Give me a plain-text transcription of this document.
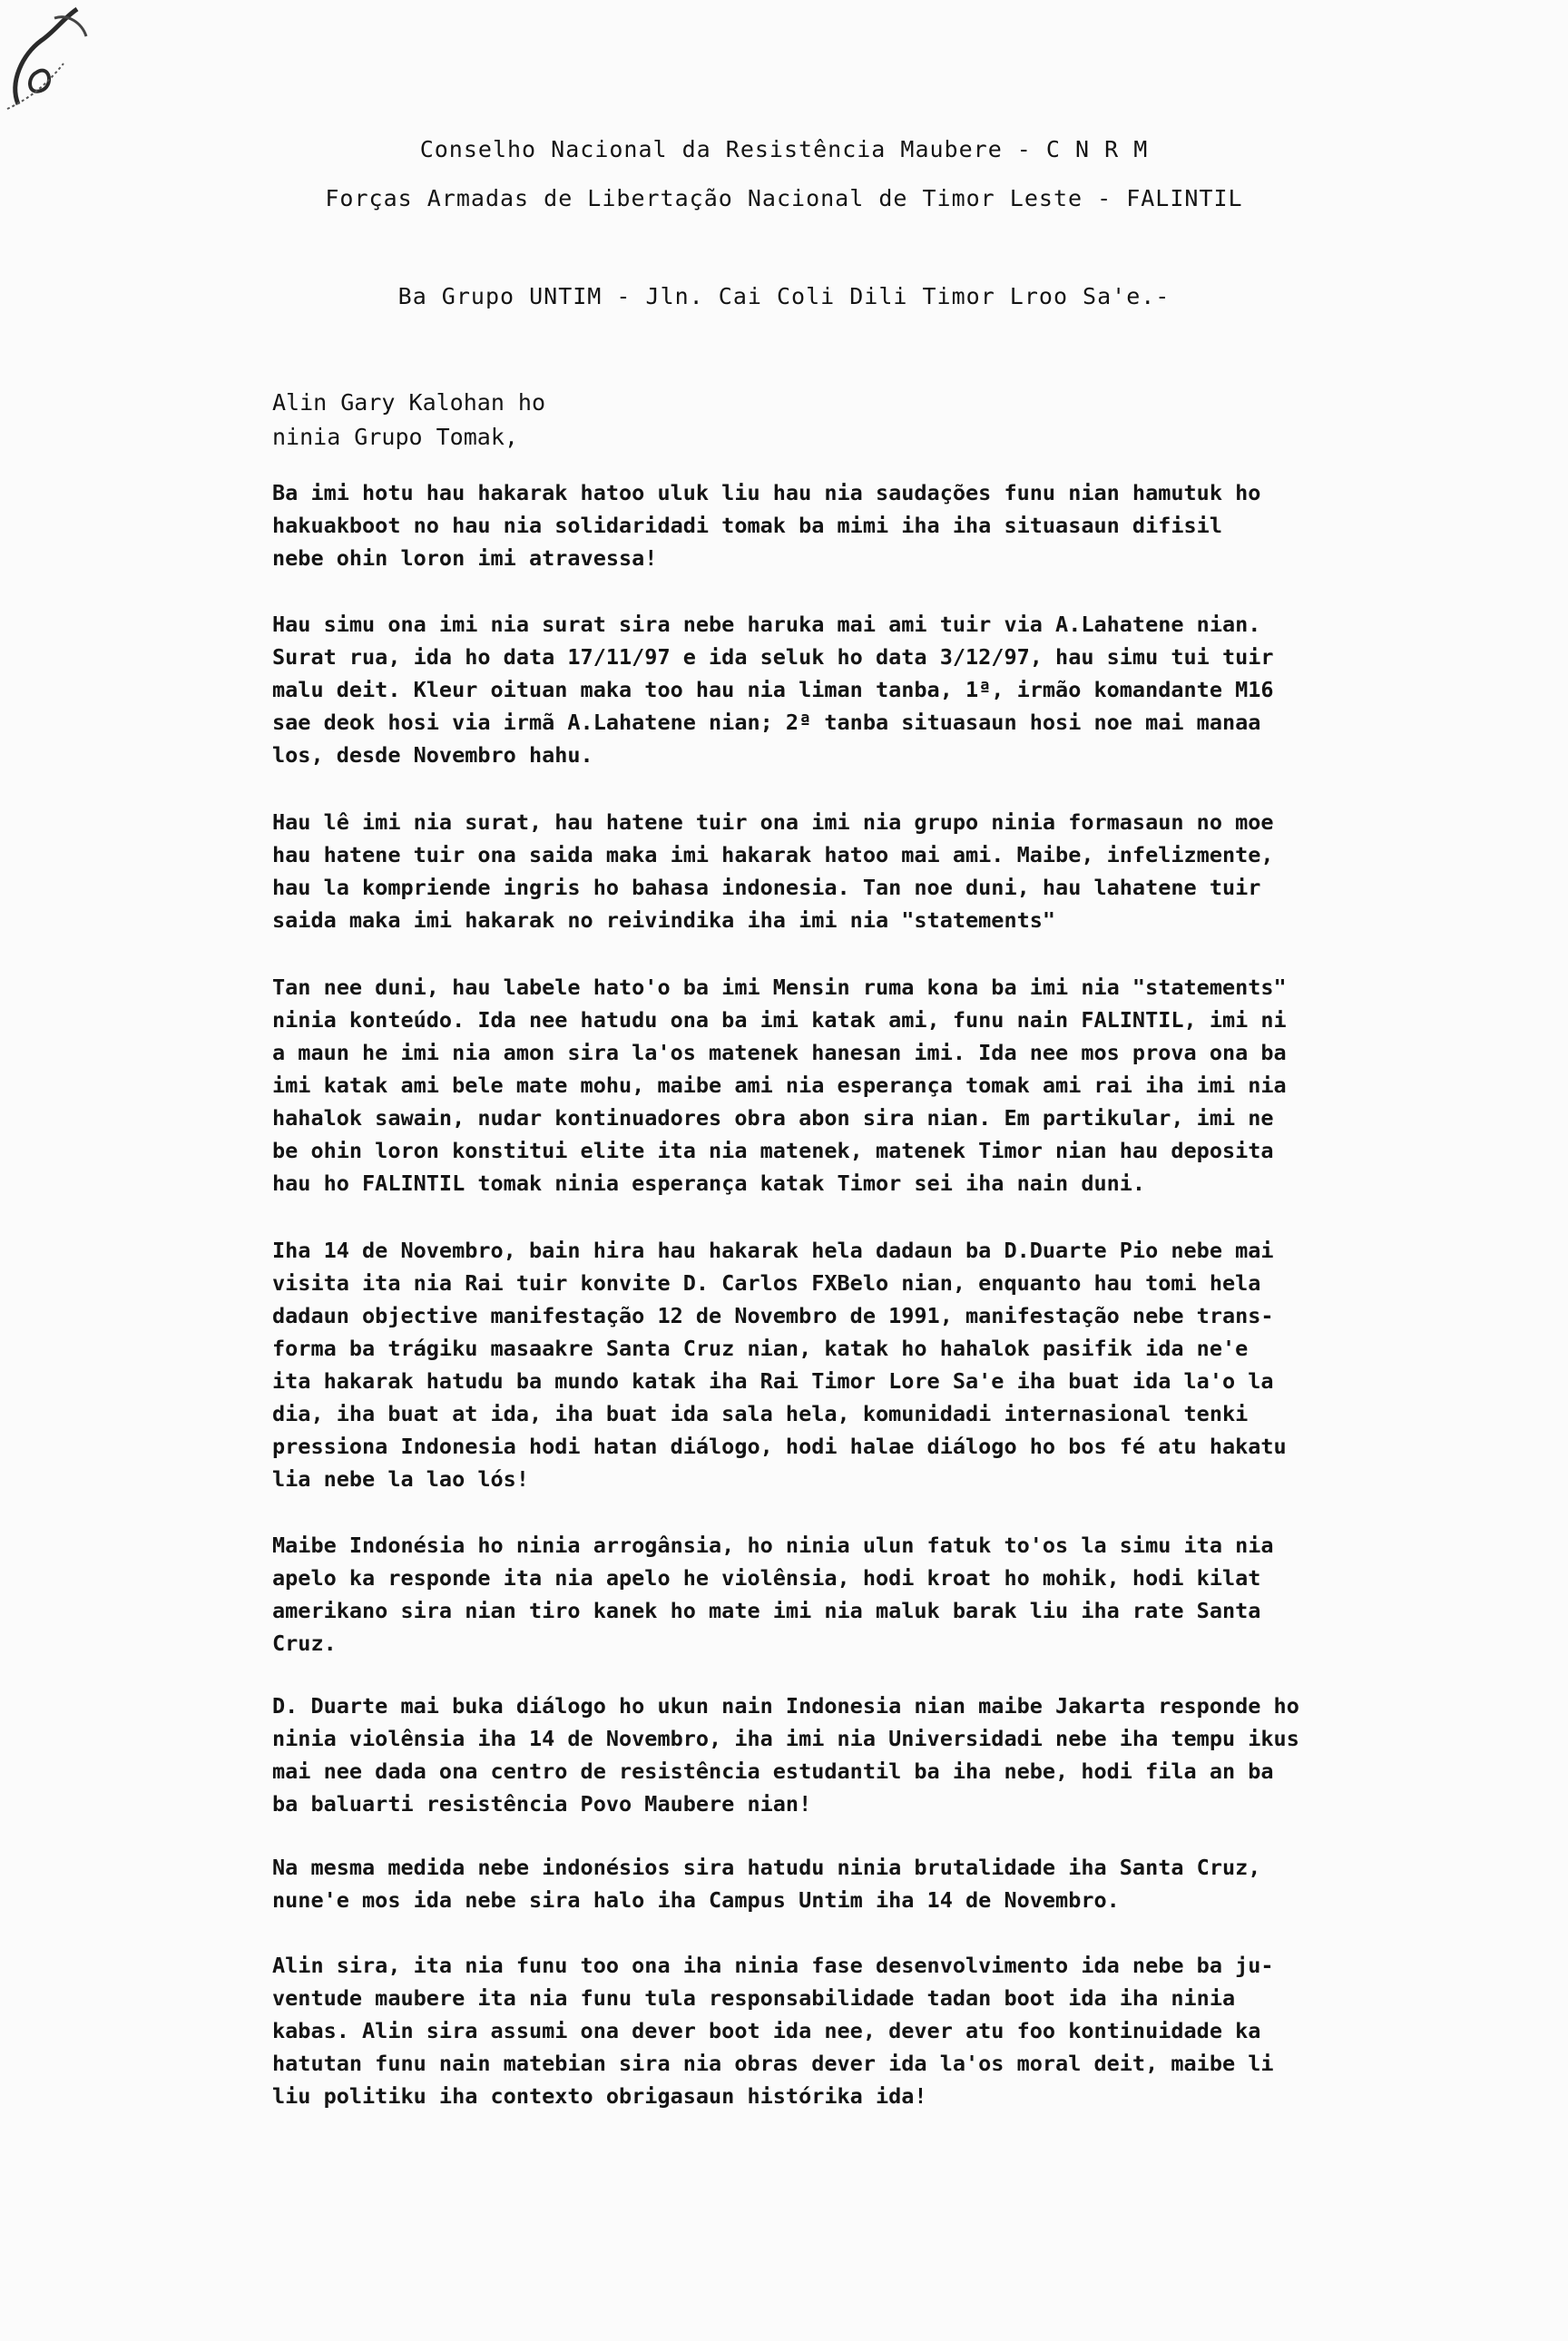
Conselho Nacional da Resistência Maubere - C N R M
Forças Armadas de Libertação Nacional de Timor Leste - FALINTIL
Ba Grupo UNTIM - Jln. Cai Coli Dili Timor Lroo Sa'e.-
Alin Gary Kalohan ho
ninia Grupo Tomak,
Ba imi hotu hau hakarak hatoo uluk liu hau nia saudações funu nian hamutuk ho
hakuakboot no hau nia solidaridadi tomak ba mimi iha iha situasaun difisil
nebe ohin loron imi atravessa!
Hau simu ona imi nia surat sira nebe haruka mai ami tuir via A.Lahatene nian.
Surat rua, ida ho data 17/11/97 e ida seluk ho data 3/12/97, hau simu tui tuir
malu deit. Kleur oituan maka too hau nia liman tanba, 1ª, irmão komandante M16
sae deok hosi via irmã A.Lahatene nian; 2ª tanba situasaun hosi noe mai manaa
los, desde Novembro hahu.
Hau lê imi nia surat, hau hatene tuir ona imi nia grupo ninia formasaun no moe
hau hatene tuir ona saida maka imi hakarak hatoo mai ami. Maibe, infelizmente,
hau la kompriende ingris ho bahasa indonesia. Tan noe duni, hau lahatene tuir
saida maka imi hakarak no reivindika iha imi nia "statements"
Tan nee duni, hau labele hato'o ba imi Mensin ruma kona ba imi nia "statements"
ninia konteúdo. Ida nee hatudu ona ba imi katak ami, funu nain FALINTIL, imi ni
a maun he imi nia amon sira la'os matenek hanesan imi. Ida nee mos prova ona ba
imi katak ami bele mate mohu, maibe ami nia esperança tomak ami rai iha imi nia
hahalok sawain, nudar kontinuadores obra abon sira nian. Em partikular, imi ne
be ohin loron konstitui elite ita nia matenek, matenek Timor nian hau deposita
hau ho FALINTIL tomak ninia esperança katak Timor sei iha nain duni.
Iha 14 de Novembro, bain hira hau hakarak hela dadaun ba D.Duarte Pio nebe mai
visita ita nia Rai tuir konvite D. Carlos FXBelo nian, enquanto hau tomi hela
dadaun objective manifestação 12 de Novembro de 1991, manifestação nebe trans-
forma ba trágiku masaakre Santa Cruz nian, katak ho hahalok pasifik ida ne'e
ita hakarak hatudu ba mundo katak iha Rai Timor Lore Sa'e iha buat ida la'o la
dia, iha buat at ida, iha buat ida sala hela, komunidadi internasional tenki
pressiona Indonesia hodi hatan diálogo, hodi halae diálogo ho bos fé atu hakatu
lia nebe la lao lós!
Maibe Indonésia ho ninia arrogânsia, ho ninia ulun fatuk to'os la simu ita nia
apelo ka responde ita nia apelo he violênsia, hodi kroat ho mohik, hodi kilat
amerikano sira nian tiro kanek ho mate imi nia maluk barak liu iha rate Santa
Cruz.
D. Duarte mai buka diálogo ho ukun nain Indonesia nian maibe Jakarta responde ho
ninia violênsia iha 14 de Novembro, iha imi nia Universidadi nebe iha tempu ikus
mai nee dada ona centro de resistência estudantil ba iha nebe, hodi fila an ba
ba baluarti resistência Povo Maubere nian!
Na mesma medida nebe indonésios sira hatudu ninia brutalidade iha Santa Cruz,
nune'e mos ida nebe sira halo iha Campus Untim iha 14 de Novembro.
Alin sira, ita nia funu too ona iha ninia fase desenvolvimento ida nebe ba ju-
ventude maubere ita nia funu tula responsabilidade tadan boot ida iha ninia
kabas. Alin sira assumi ona dever boot ida nee, dever atu foo kontinuidade ka
hatutan funu nain matebian sira nia obras dever ida la'os moral deit, maibe li
liu politiku iha contexto obrigasaun histórika ida!
